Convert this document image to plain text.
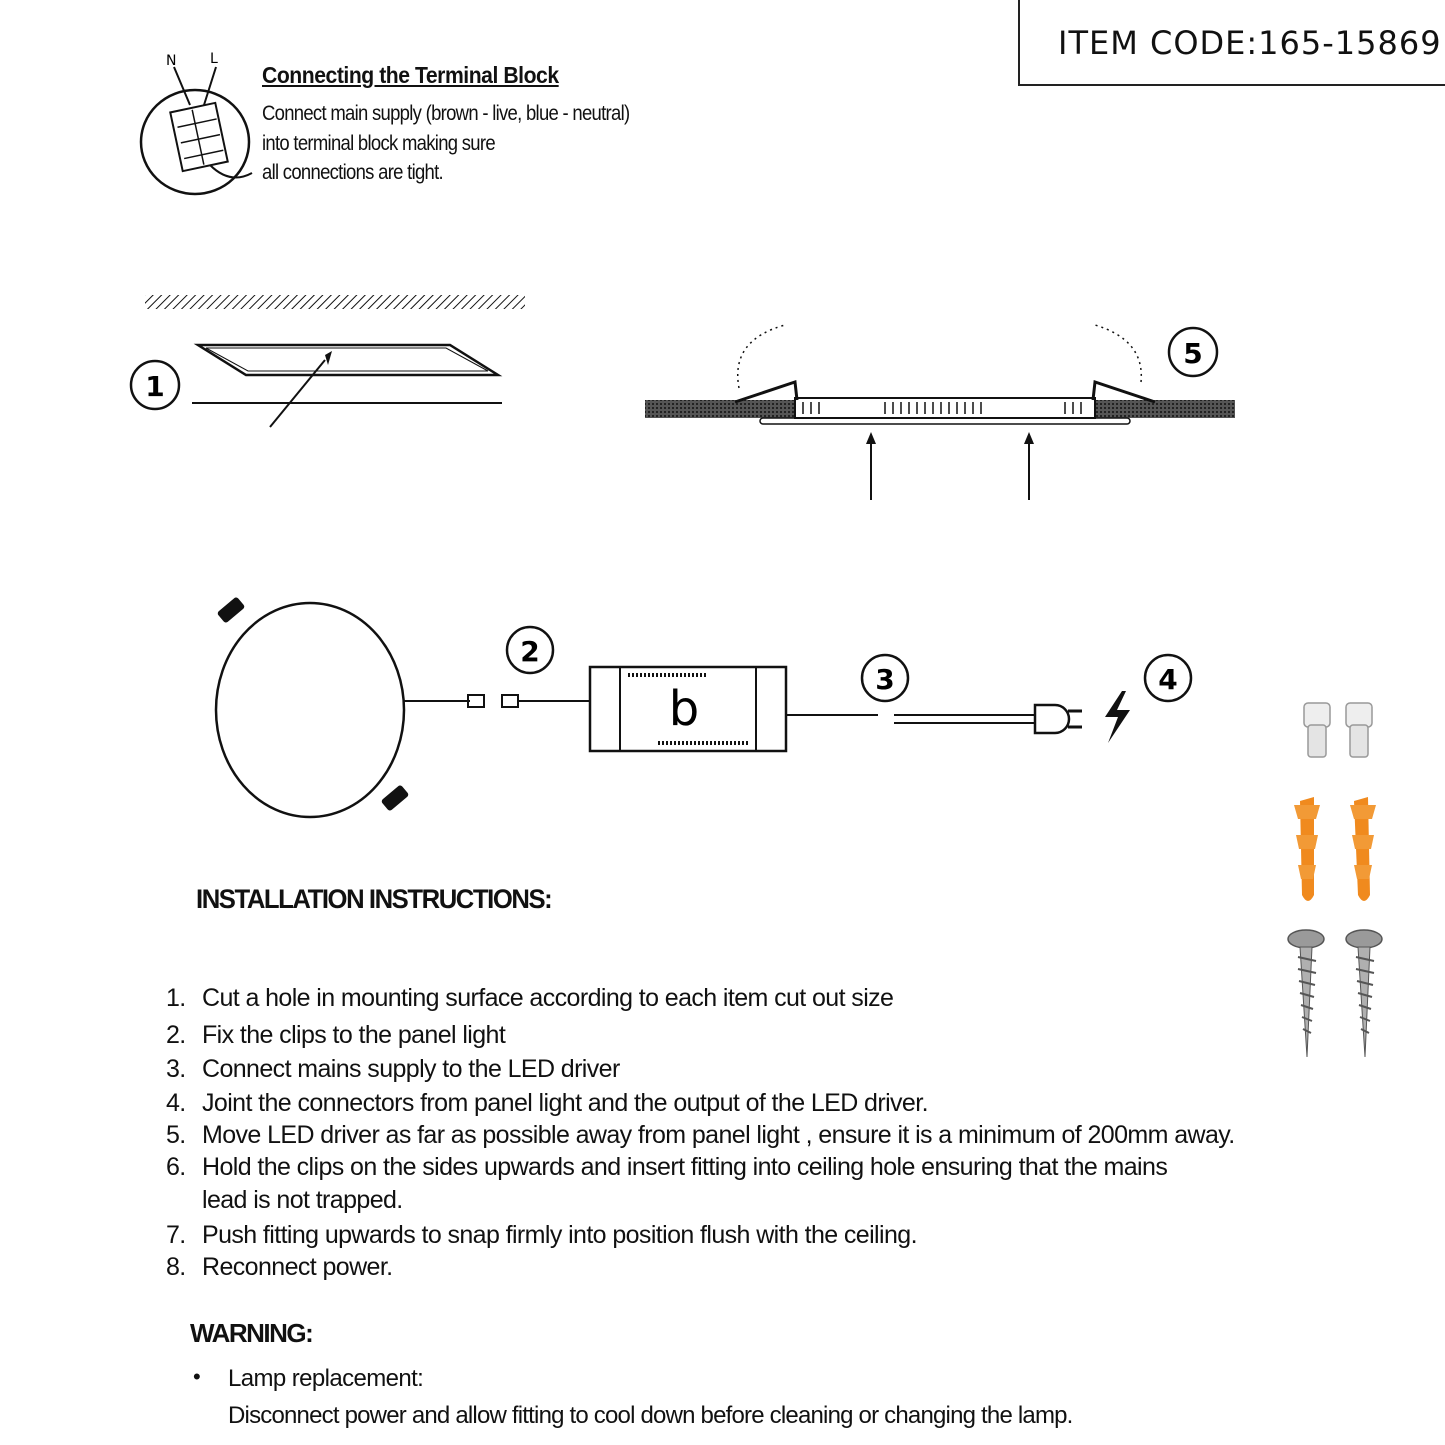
ITEM CODE:165-15869
N L
Connecting the Terminal Block
Connect main supply (brown - live, blue - neutral)
into terminal block making sure
all connections are tight.
1
5
b
2
3	4
INSTALLATION INSTRUCTIONS:
1. Cut a hole in mounting surface according to each item cut out size
2. Fix the clips to the panel light
3. Connect mains supply to the LED driver
4. Joint the connectors from panel light and the output of the LED driver.
5. Move LED driver as far as possible away from panel light , ensure it is a minimum of 200mm away.
6. Hold the clips on the sides upwards and insert fitting into ceiling hole ensuring that the mains
lead is not trapped.
7. Push fitting upwards to snap firmly into position flush with the ceiling.
8. Reconnect power.
WARNING:
• Lamp replacement:
Disconnect power and allow fitting to cool down before cleaning or changing the lamp.
